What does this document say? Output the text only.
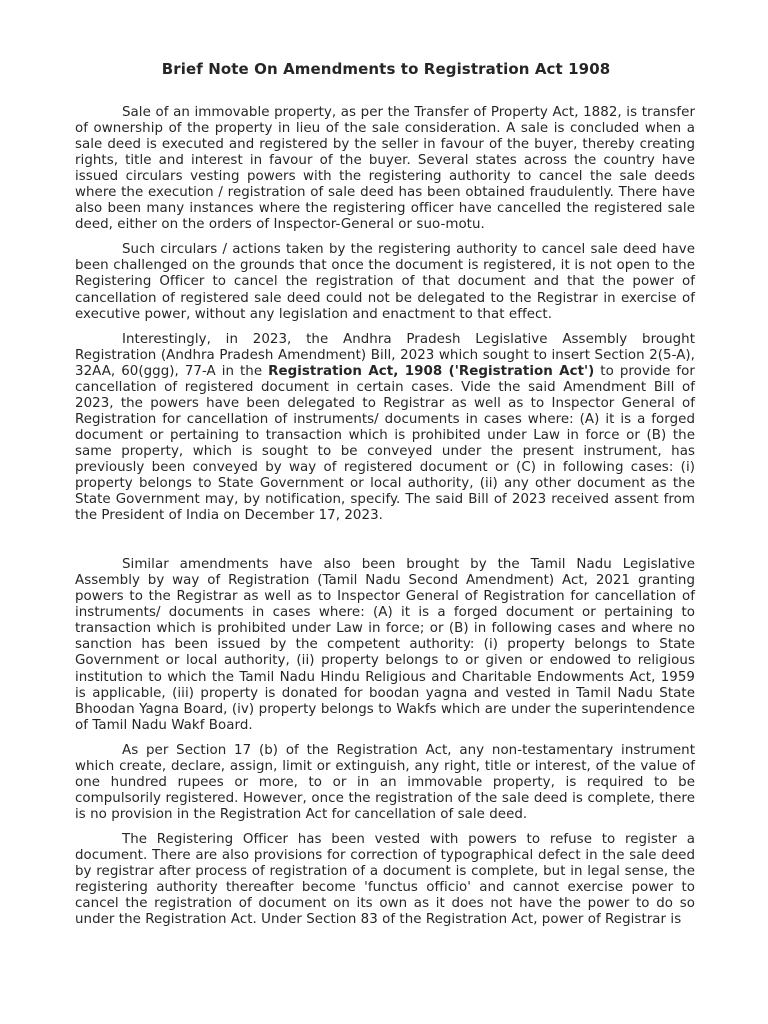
Brief Note On Amendments to Registration Act 1908

Sale of an immovable property, as per the Transfer of Property Act, 1882, is transfer of ownership of the property in lieu of the sale consideration. A sale is concluded when a sale deed is executed and registered by the seller in favour of the buyer, thereby creating rights, title and interest in favour of the buyer. Several states across the country have issued circulars vesting powers with the registering authority to cancel the sale deeds where the execution / registration of sale deed has been obtained fraudulently. There have also been many instances where the registering officer have cancelled the registered sale deed, either on the orders of Inspector-General or suo-motu.

Such circulars / actions taken by the registering authority to cancel sale deed have been challenged on the grounds that once the document is registered, it is not open to the Registering Officer to cancel the registration of that document and that the power of cancellation of registered sale deed could not be delegated to the Registrar in exercise of executive power, without any legislation and enactment to that effect.

Interestingly, in 2023, the Andhra Pradesh Legislative Assembly brought Registration (Andhra Pradesh Amendment) Bill, 2023 which sought to insert Section 2(5-A), 32AA, 60(ggg), 77-A in the Registration Act, 1908 ('Registration Act') to provide for cancellation of registered document in certain cases. Vide the said Amendment Bill of 2023, the powers have been delegated to Registrar as well as to Inspector General of Registration for cancellation of instruments/ documents in cases where: (A) it is a forged document or pertaining to transaction which is prohibited under Law in force or (B) the same property, which is sought to be conveyed under the present instrument, has previously been conveyed by way of registered document or (C) in following cases: (i) property belongs to State Government or local authority, (ii) any other document as the State Government may, by notification, specify. The said Bill of 2023 received assent from the President of India on December 17, 2023.

Similar amendments have also been brought by the Tamil Nadu Legislative Assembly by way of Registration (Tamil Nadu Second Amendment) Act, 2021 granting powers to the Registrar as well as to Inspector General of Registration for cancellation of instruments/ documents in cases where: (A) it is a forged document or pertaining to transaction which is prohibited under Law in force; or (B) in following cases and where no sanction has been issued by the competent authority: (i) property belongs to State Government or local authority, (ii) property belongs to or given or endowed to religious institution to which the Tamil Nadu Hindu Religious and Charitable Endowments Act, 1959 is applicable, (iii) property is donated for boodan yagna and vested in Tamil Nadu State Bhoodan Yagna Board, (iv) property belongs to Wakfs which are under the superintendence of Tamil Nadu Wakf Board.

As per Section 17 (b) of the Registration Act, any non-testamentary instrument which create, declare, assign, limit or extinguish, any right, title or interest, of the value of one hundred rupees or more, to or in an immovable property, is required to be compulsorily registered. However, once the registration of the sale deed is complete, there is no provision in the Registration Act for cancellation of sale deed.

The Registering Officer has been vested with powers to refuse to register a document. There are also provisions for correction of typographical defect in the sale deed by registrar after process of registration of a document is complete, but in legal sense, the registering authority thereafter become 'functus officio' and cannot exercise power to cancel the registration of document on its own as it does not have the power to do so under the Registration Act. Under Section 83 of the Registration Act, power of Registrar is
